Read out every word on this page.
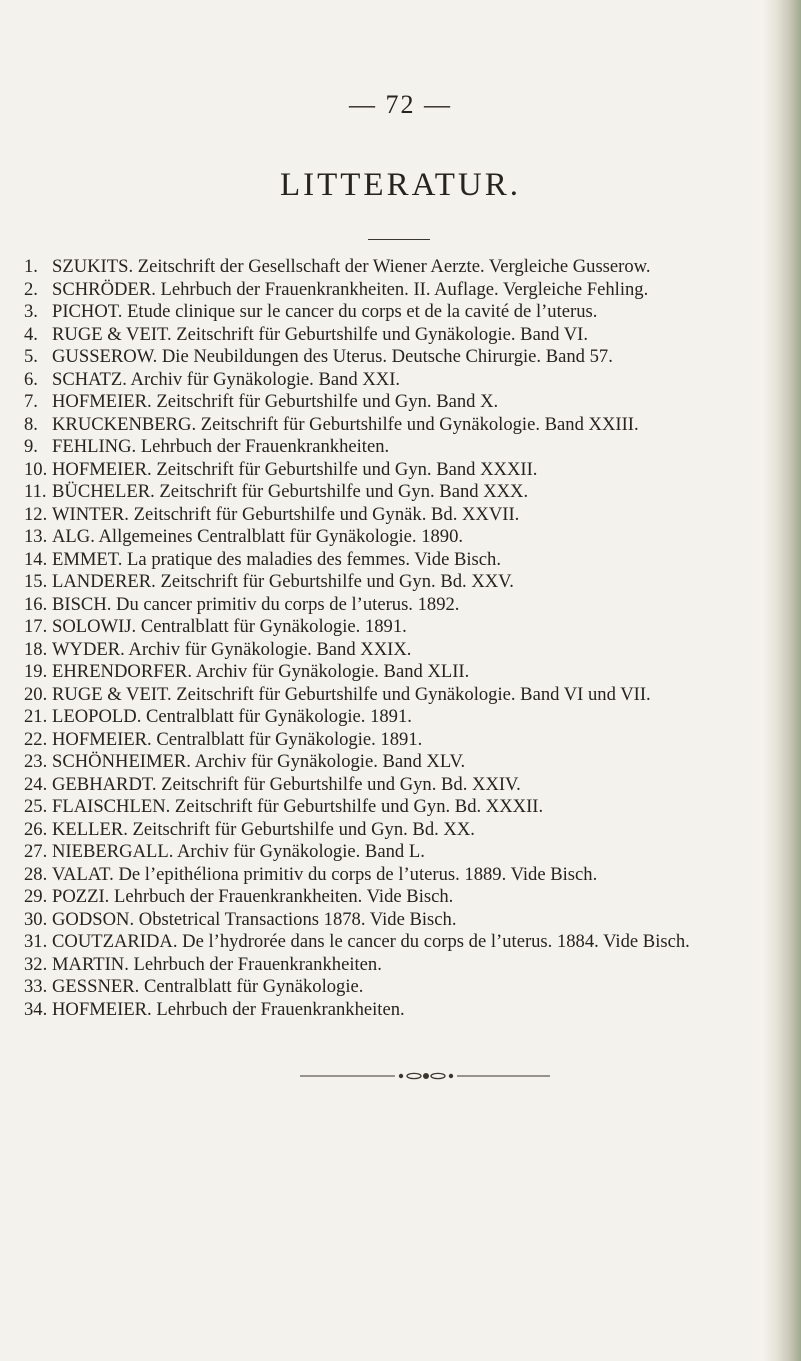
— 72 —
LITTERATUR.
1. SZUKITS. Zeitschrift der Gesellschaft der Wiener Aerzte. Vergleiche Gusserow.
2. SCHRÖDER. Lehrbuch der Frauenkrankheiten. II. Auflage. Vergleiche Fehling.
3. PICHOT. Etude clinique sur le cancer du corps et de la cavité de l’uterus.
4. RUGE & VEIT. Zeitschrift für Geburtshilfe und Gynäkologie. Band VI.
5. GUSSEROW. Die Neubildungen des Uterus. Deutsche Chirurgie. Band 57.
6. SCHATZ. Archiv für Gynäkologie. Band XXI.
7. HOFMEIER. Zeitschrift für Geburtshilfe und Gyn. Band X.
8. KRUCKENBERG. Zeitschrift für Geburtshilfe und Gynäkologie. Band XXIII.
9. FEHLING. Lehrbuch der Frauenkrankheiten.
10. HOFMEIER. Zeitschrift für Geburtshilfe und Gyn. Band XXXII.
11. BÜCHELER. Zeitschrift für Geburtshilfe und Gyn. Band XXX.
12. WINTER. Zeitschrift für Geburtshilfe und Gynäk. Bd. XXVII.
13. ALG. Allgemeines Centralblatt für Gynäkologie. 1890.
14. EMMET. La pratique des maladies des femmes. Vide Bisch.
15. LANDERER. Zeitschrift für Geburtshilfe und Gyn. Bd. XXV.
16. BISCH. Du cancer primitiv du corps de l’uterus. 1892.
17. SOLOWIJ. Centralblatt für Gynäkologie. 1891.
18. WYDER. Archiv für Gynäkologie. Band XXIX.
19. EHRENDORFER. Archiv für Gynäkologie. Band XLII.
20. RUGE & VEIT. Zeitschrift für Geburtshilfe und Gynäkologie. Band VI und VII.
21. LEOPOLD. Centralblatt für Gynäkologie. 1891.
22. HOFMEIER. Centralblatt für Gynäkologie. 1891.
23. SCHÖNHEIMER. Archiv für Gynäkologie. Band XLV.
24. GEBHARDT. Zeitschrift für Geburtshilfe und Gyn. Bd. XXIV.
25. FLAISCHLEN. Zeitschrift für Geburtshilfe und Gyn. Bd. XXXII.
26. KELLER. Zeitschrift für Geburtshilfe und Gyn. Bd. XX.
27. NIEBERGALL. Archiv für Gynäkologie. Band L.
28. VALAT. De l’epithéliona primitiv du corps de l’uterus. 1889. Vide Bisch.
29. POZZI. Lehrbuch der Frauenkrankheiten. Vide Bisch.
30. GODSON. Obstetrical Transactions 1878. Vide Bisch.
31. COUTZARIDA. De l’hydrorée dans le cancer du corps de l’uterus. 1884. Vide Bisch.
32. MARTIN. Lehrbuch der Frauenkrankheiten.
33. GESSNER. Centralblatt für Gynäkologie.
34. HOFMEIER. Lehrbuch der Frauenkrankheiten.
